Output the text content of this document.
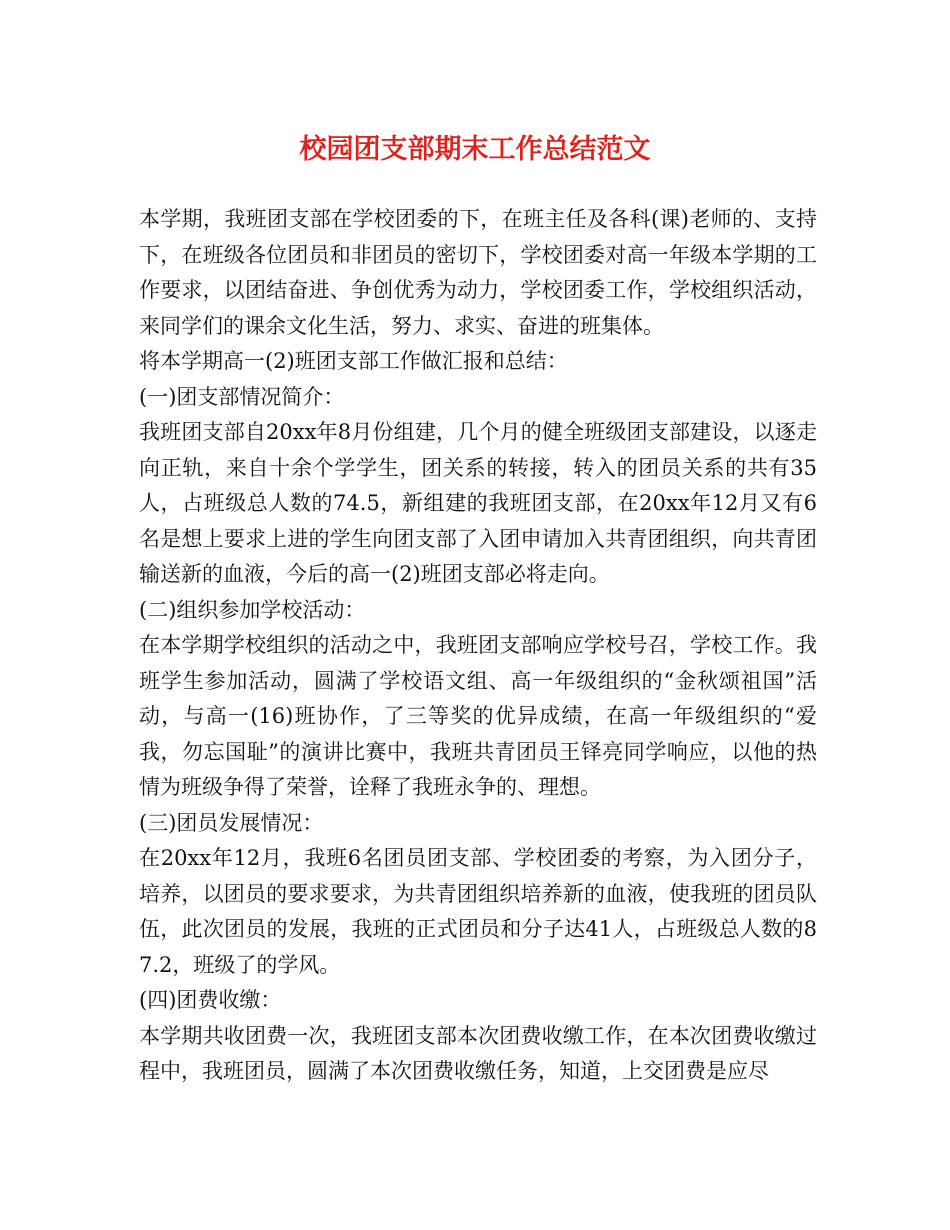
校园团支部期末工作总结范文

本学期，我班团支部在学校团委的下，在班主任及各科(课)老师的、支持下，在班级各位团员和非团员的密切下，学校团委对高一年级本学期的工作要求，以团结奋进、争创优秀为动力，学校团委工作，学校组织活动，来同学们的课余文化生活，努力、求实、奋进的班集体。

将本学期高一(2)班团支部工作做汇报和总结：

(一)团支部情况简介：

我班团支部自20xx年8月份组建，几个月的健全班级团支部建设，以逐走向正轨，来自十余个学学生，团关系的转接，转入的团员关系的共有35人，占班级总人数的74.5，新组建的我班团支部，在20xx年12月又有6名是想上要求上进的学生向团支部了入团申请加入共青团组织，向共青团输送新的血液，今后的高一(2)班团支部必将走向。

(二)组织参加学校活动：

在本学期学校组织的活动之中，我班团支部响应学校号召，学校工作。我班学生参加活动，圆满了学校语文组、高一年级组织的“金秋颂祖国”活动，与高一(16)班协作，了三等奖的优异成绩，在高一年级组织的“爱我，勿忘国耻”的演讲比赛中，我班共青团员王铎亮同学响应，以他的热情为班级争得了荣誉，诠释了我班永争的、理想。

(三)团员发展情况：

在20xx年12月，我班6名团员团支部、学校团委的考察，为入团分子，培养，以团员的要求要求，为共青团组织培养新的血液，使我班的团员队伍，此次团员的发展，我班的正式团员和分子达41人，占班级总人数的87.2，班级了的学风。

(四)团费收缴：

本学期共收团费一次，我班团支部本次团费收缴工作，在本次团费收缴过程中，我班团员，圆满了本次团费收缴任务，知道，上交团费是应尽
